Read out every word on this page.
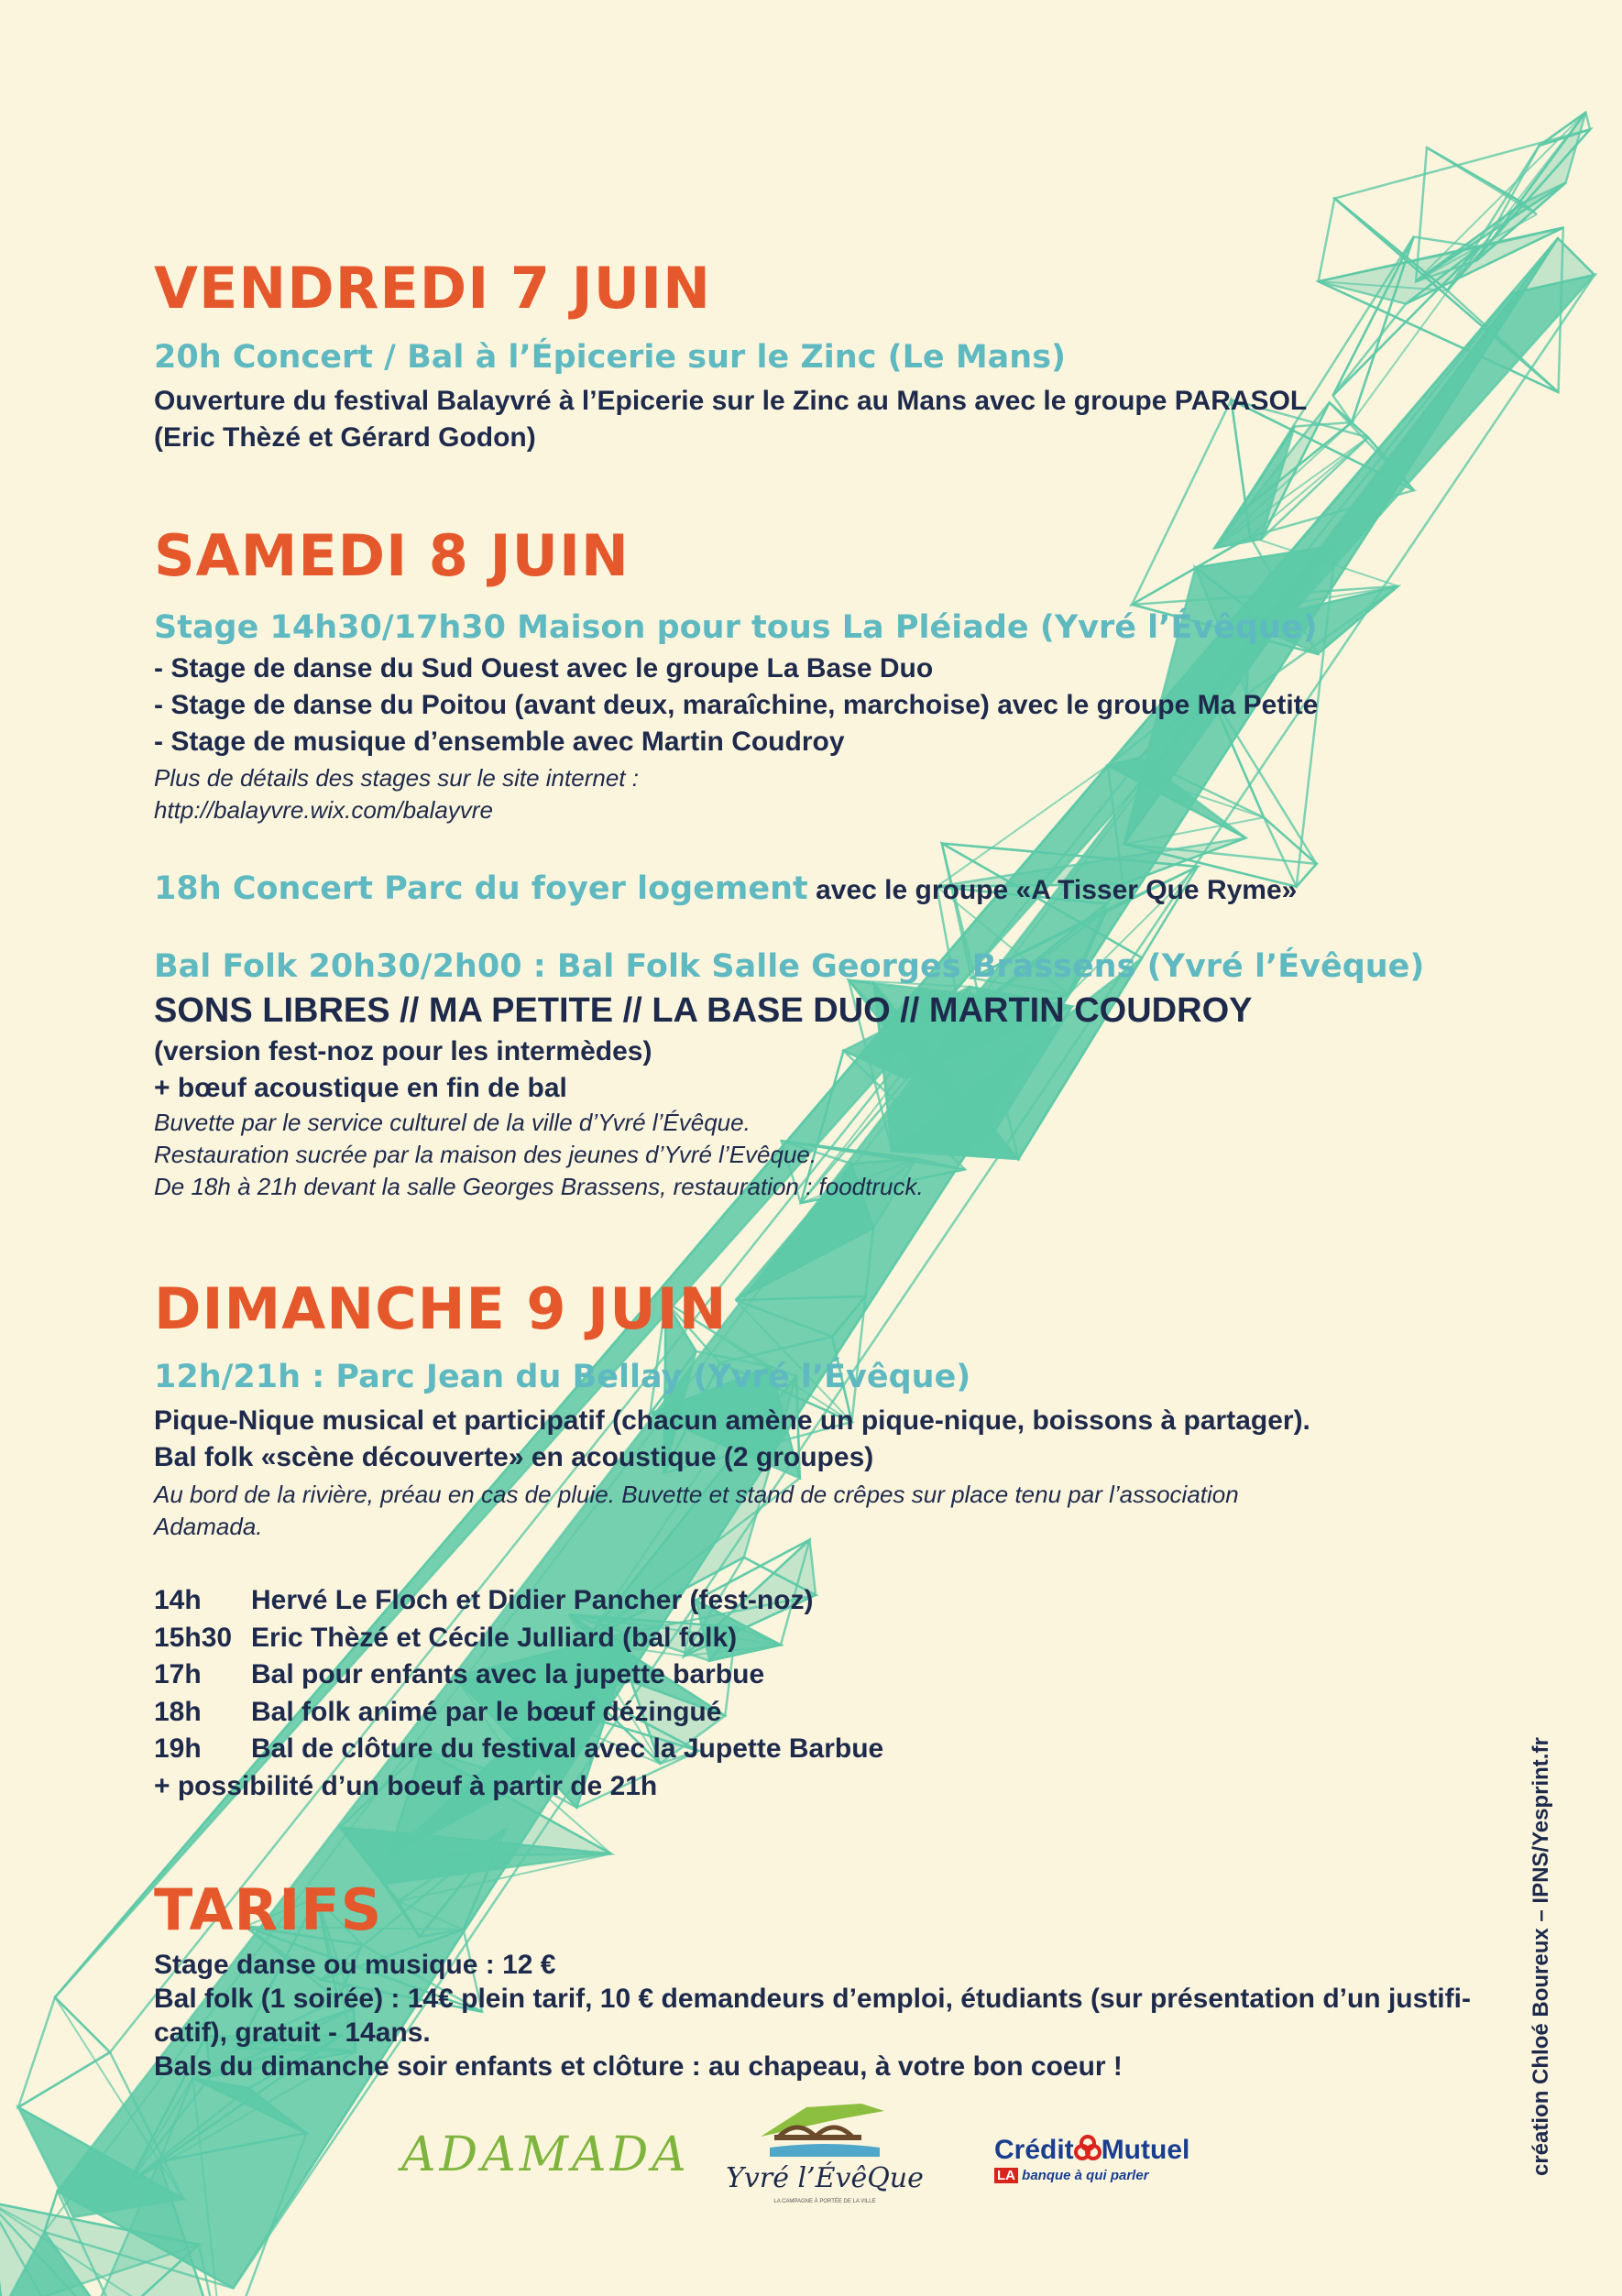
VENDREDI 7 JUIN
20h Concert / Bal à l’Épicerie sur le Zinc (Le Mans)
Ouverture du festival Balayvré à l’Epicerie sur le Zinc au Mans avec le groupe PARASOL
(Eric Thèzé et Gérard Godon)
SAMEDI 8 JUIN
Stage 14h30/17h30 Maison pour tous La Pléiade (Yvré l’Évêque)
- Stage de danse du Sud Ouest avec le groupe La Base Duo
- Stage de danse du Poitou (avant deux, maraîchine, marchoise) avec le groupe Ma Petite
- Stage de musique d’ensemble avec Martin Coudroy
Plus de détails des stages sur le site internet :
http://balayvre.wix.com/balayvre
18h Concert Parc du foyer logement avec le groupe «A Tisser Que Ryme»
Bal Folk 20h30/2h00 : Bal Folk Salle Georges Brassens (Yvré l’Évêque)
SONS LIBRES // MA PETITE // LA BASE DUO // MARTIN COUDROY
(version fest-noz pour les intermèdes)
+ bœuf acoustique en fin de bal
Buvette par le service culturel de la ville d’Yvré l’Évêque.
Restauration sucrée par la maison des jeunes d’Yvré l’Evêque.
De 18h à 21h devant la salle Georges Brassens, restauration : foodtruck.
DIMANCHE 9 JUIN
12h/21h : Parc Jean du Bellay (Yvré l’Évêque)
Pique-Nique musical et participatif (chacun amène un pique-nique, boissons à partager).
Bal folk «scène découverte» en acoustique (2 groupes)
Au bord de la rivière, préau en cas de pluie. Buvette et stand de crêpes sur place tenu par l’association
Adamada.
14h Hervé Le Floch et Didier Pancher (fest-noz)
15h30 Eric Thèzé et Cécile Julliard (bal folk)
17h Bal pour enfants avec la jupette barbue
18h Bal folk animé par le bœuf dézingué
19h Bal de clôture du festival avec la Jupette Barbue
+ possibilité d’un boeuf à partir de 21h
TARIFS
Stage danse ou musique : 12 €
Bal folk (1 soirée) : 14€ plein tarif, 10 € demandeurs d’emploi, étudiants (sur présentation d’un justifi-
catif), gratuit - 14ans.
Bals du dimanche soir enfants et clôture : au chapeau, à votre bon coeur !
ADAMADA Yvré l’ÉvêQue
LA CAMPAGNE À PORTÉE DE LA VILLE
Crédit Mutuel
LA banque à qui parler	création Chloé Boureux – IPNS/Yesprint.fr
